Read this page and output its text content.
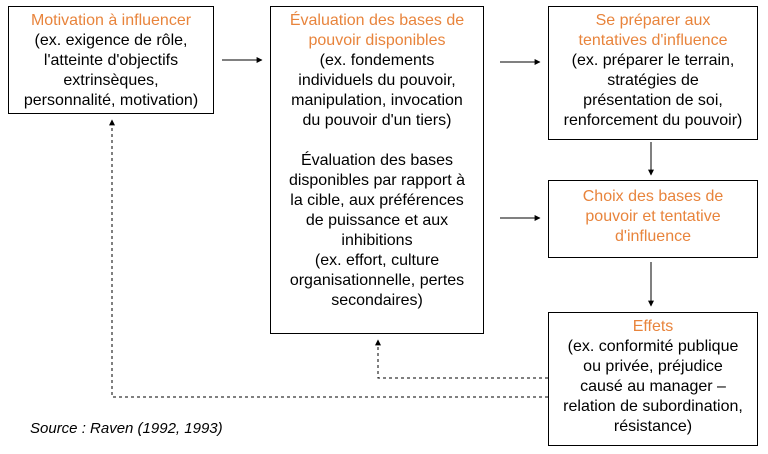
Motivation à influencer
(ex. exigence de rôle,
l'atteinte d'objectifs
extrinsèques,
personnalité, motivation)
Évaluation des bases de
pouvoir disponibles
(ex. fondements
individuels du pouvoir,
manipulation, invocation
du pouvoir d'un tiers)
Évaluation des bases
disponibles par rapport à
la cible, aux préférences
de puissance et aux
inhibitions
(ex. effort, culture
organisationnelle, pertes
secondaires)
Se préparer aux
tentatives d'influence
(ex. préparer le terrain,
stratégies de
présentation de soi,
renforcement du pouvoir)
Choix des bases de
pouvoir et tentative
d'influence
Effets
(ex. conformité publique
ou privée, préjudice
causé au manager –
relation de subordination,
résistance)
Source : Raven (1992, 1993)
